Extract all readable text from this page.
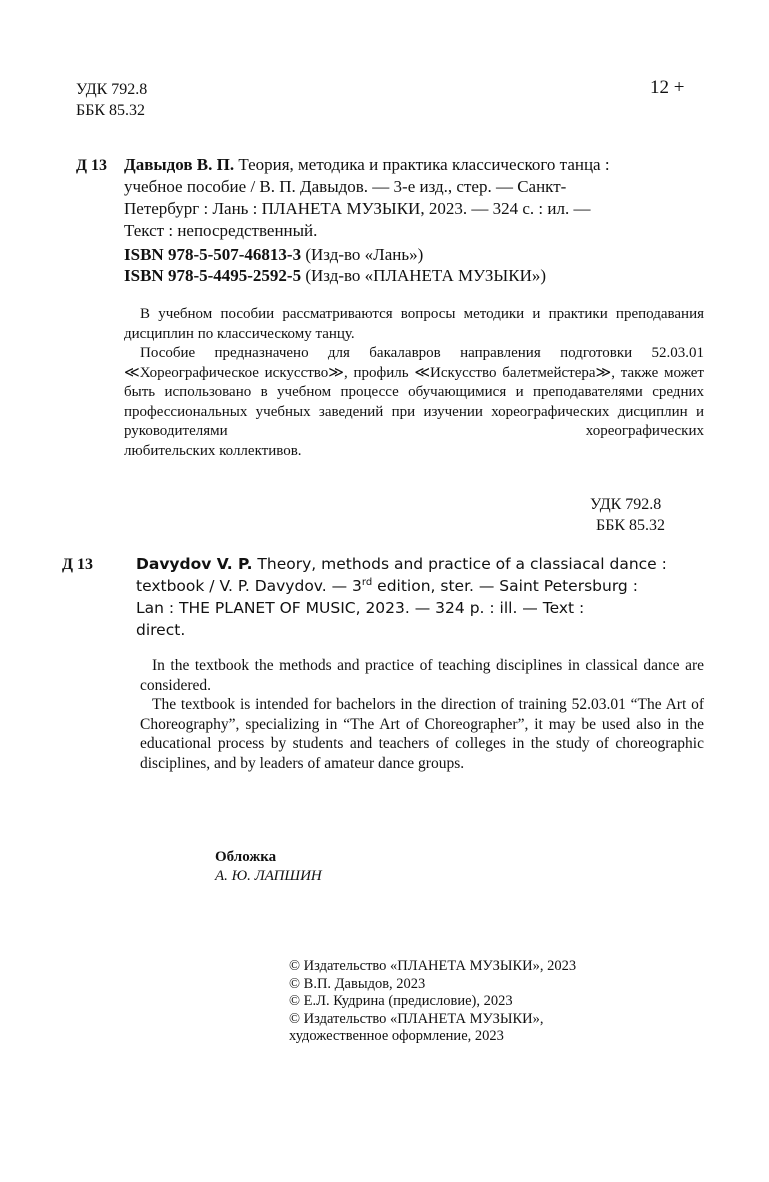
УДК 792.8
ББК 85.32
12 +
Д 13 Давыдов В. П. Теория, методика и практика классического танца :
учебное пособие / В. П. Давыдов. — 3-е изд., стер. — Санкт-
Петербург : Лань : ПЛАНЕТА МУЗЫКИ, 2023. — 324 с. : ил. —
Текст : непосредственный.
ISBN 978-5-507-46813-3 (Изд-во «Лань»)
ISBN 978-5-4495-2592-5 (Изд-во «ПЛАНЕТА МУЗЫКИ»)

В учебном пособии рассматриваются вопросы методики и практики преподавания дисциплин по классическому танцу.

Пособие предназначено для бакалавров направления подготовки 52.03.01 ≪Хореографическое искусство≫, профиль ≪Искусство балетмейстера≫, также может быть использовано в учебном процессе обучающимися и преподавателями средних профессиональных учебных заведений при изучении хореографических дисциплин и руководителями хореографических

любительских коллективов.
УДК 792.8
ББК 85.32
Д 13	Davydov V. P. Theory, methods and practice of a classiacal dance :
textbook / V. P. Davydov. — 3rd edition, ster. — Saint Petersburg :
Lan : THE PLANET OF MUSIC, 2023. — 324 p. : ill. — Text :
direct.

In the textbook the methods and practice of teaching disciplines in classical dance are considered.

The textbook is intended for bachelors in the direction of training 52.03.01 “The Art of Choreography”, specializing in “The Art of Choreographer”, it may be used also in the educational process by students and teachers of colleges in the study of choreographic disciplines, and by leaders of amateur dance groups.

Обложка
А. Ю. ЛАПШИН
© Издательство «ПЛАНЕТА МУЗЫКИ», 2023
© В.П. Давыдов, 2023
© Е.Л. Кудрина (предисловие), 2023
© Издательство «ПЛАНЕТА МУЗЫКИ»,
художественное оформление, 2023
